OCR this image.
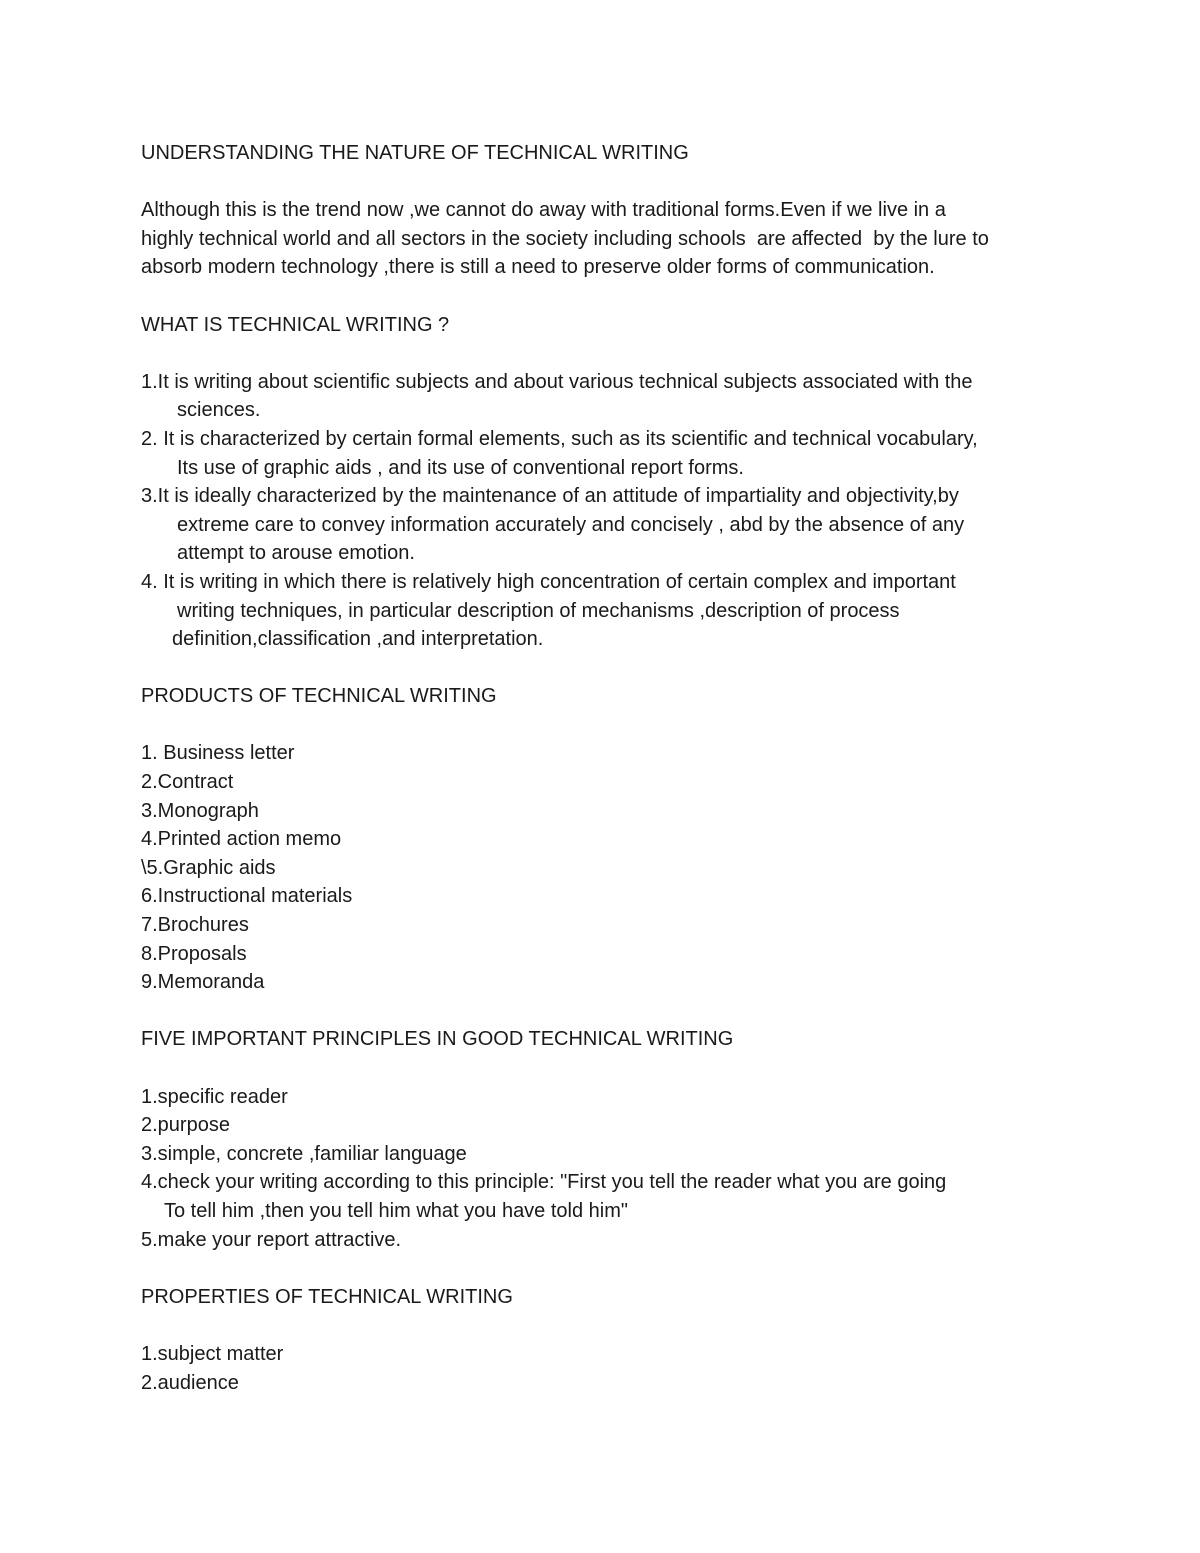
UNDERSTANDING THE NATURE OF TECHNICAL WRITING
Although this is the trend now ,we cannot do away with traditional forms.Even if we live in a
highly technical world and all sectors in the society including schools  are affected  by the lure to
absorb modern technology ,there is still a need to preserve older forms of communication.
WHAT IS TECHNICAL WRITING ?
1.It is writing about scientific subjects and about various technical subjects associated with the
sciences.
2. It is characterized by certain formal elements, such as its scientific and technical vocabulary,
Its use of graphic aids , and its use of conventional report forms.
3.It is ideally characterized by the maintenance of an attitude of impartiality and objectivity,by
extreme care to convey information accurately and concisely , abd by the absence of any
attempt to arouse emotion.
4. It is writing in which there is relatively high concentration of certain complex and important
writing techniques, in particular description of mechanisms ,description of process
definition,classification ,and interpretation.
PRODUCTS OF TECHNICAL WRITING
1. Business letter
2.Contract
3.Monograph
4.Printed action memo
\5.Graphic aids
6.Instructional materials
7.Brochures
8.Proposals
9.Memoranda
FIVE IMPORTANT PRINCIPLES IN GOOD TECHNICAL WRITING
1.specific reader
2.purpose
3.simple, concrete ,familiar language
4.check your writing according to this principle: "First you tell the reader what you are going
To tell him ,then you tell him what you have told him"
5.make your report attractive.
PROPERTIES OF TECHNICAL WRITING
1.subject matter
2.audience
